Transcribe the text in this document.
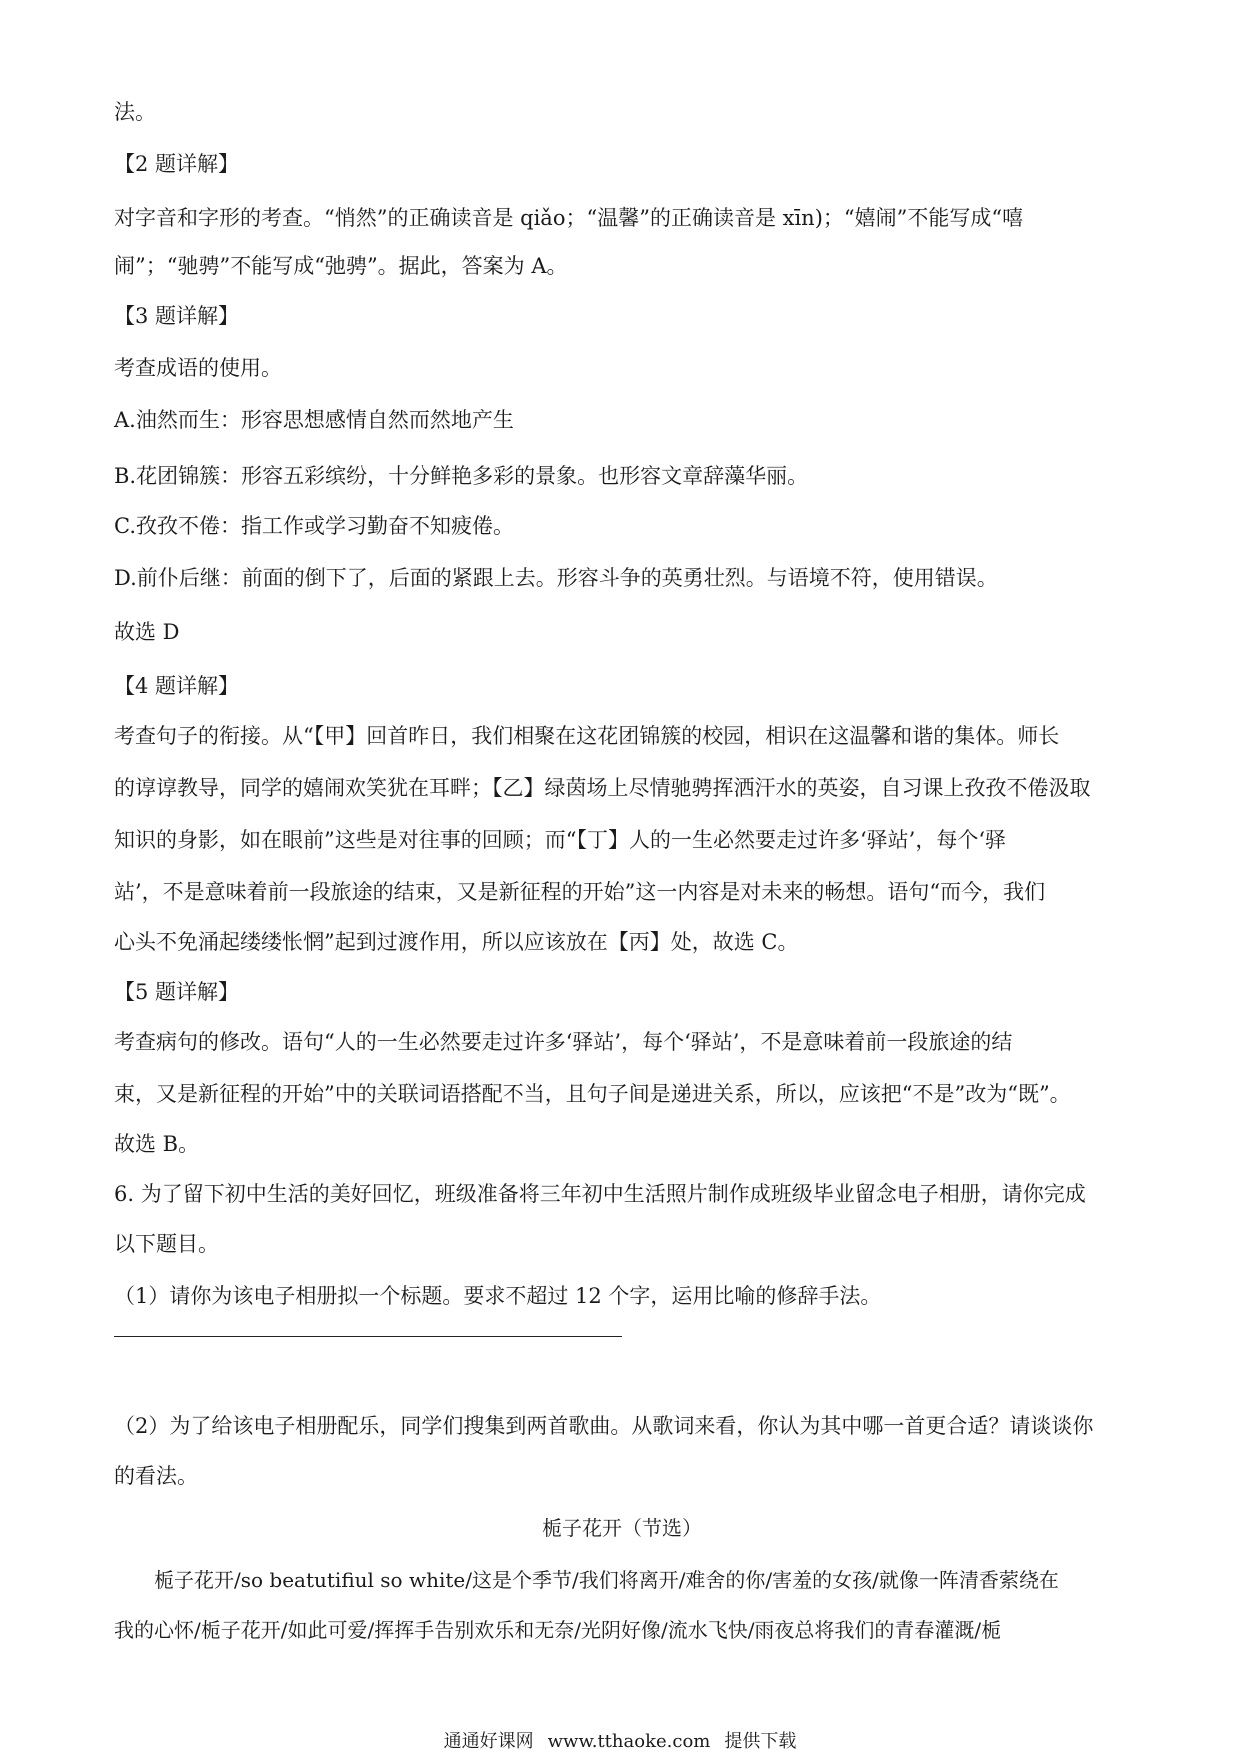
法。
【2 题详解】
对字音和字形的考查。“悄然”的正确读音是 qiǎo；“温馨”的正确读音是 xīn)；“嬉闹”不能写成“嘻
闹”；“驰骋”不能写成“弛骋”。据此，答案为 A。
【3 题详解】
考查成语的使用。
A.油然而生：形容思想感情自然而然地产生
B.花团锦簇：形容五彩缤纷，十分鲜艳多彩的景象。也形容文章辞藻华丽。
C.孜孜不倦：指工作或学习勤奋不知疲倦。
D.前仆后继：前面的倒下了，后面的紧跟上去。形容斗争的英勇壮烈。与语境不符，使用错误。
故选 D
【4 题详解】
考查句子的衔接。从“【甲】回首昨日，我们相聚在这花团锦簇的校园，相识在这温馨和谐的集体。师长
的谆谆教导，同学的嬉闹欢笑犹在耳畔；【乙】绿茵场上尽情驰骋挥洒汗水的英姿，自习课上孜孜不倦汲取
知识的身影，如在眼前”这些是对往事的回顾；而“【丁】人的一生必然要走过许多‘驿站’，每个‘驿
站’，不是意味着前一段旅途的结束，又是新征程的开始”这一内容是对未来的畅想。语句“而今，我们
心头不免涌起缕缕怅惘”起到过渡作用，所以应该放在【丙】处，故选 C。
【5 题详解】
考查病句的修改。语句“人的一生必然要走过许多‘驿站’，每个‘驿站’，不是意味着前一段旅途的结
束，又是新征程的开始”中的关联词语搭配不当，且句子间是递进关系，所以，应该把“不是”改为“既”。
故选 B。
6. 为了留下初中生活的美好回忆，班级准备将三年初中生活照片制作成班级毕业留念电子相册，请你完成
以下题目。
（1）请你为该电子相册拟一个标题。要求不超过 12 个字，运用比喻的修辞手法。
（2）为了给该电子相册配乐，同学们搜集到两首歌曲。从歌词来看，你认为其中哪一首更合适？请谈谈你
的看法。
栀子花开（节选）
栀子花开/so beatutifiul so white/这是个季节/我们将离开/难舍的你/害羞的女孩/就像一阵清香萦绕在
我的心怀/栀子花开/如此可爱/挥挥手告别欢乐和无奈/光阴好像/流水飞快/雨夜总将我们的青春灌溉/栀
通通好课网 www.tthaoke.com 提供下载
